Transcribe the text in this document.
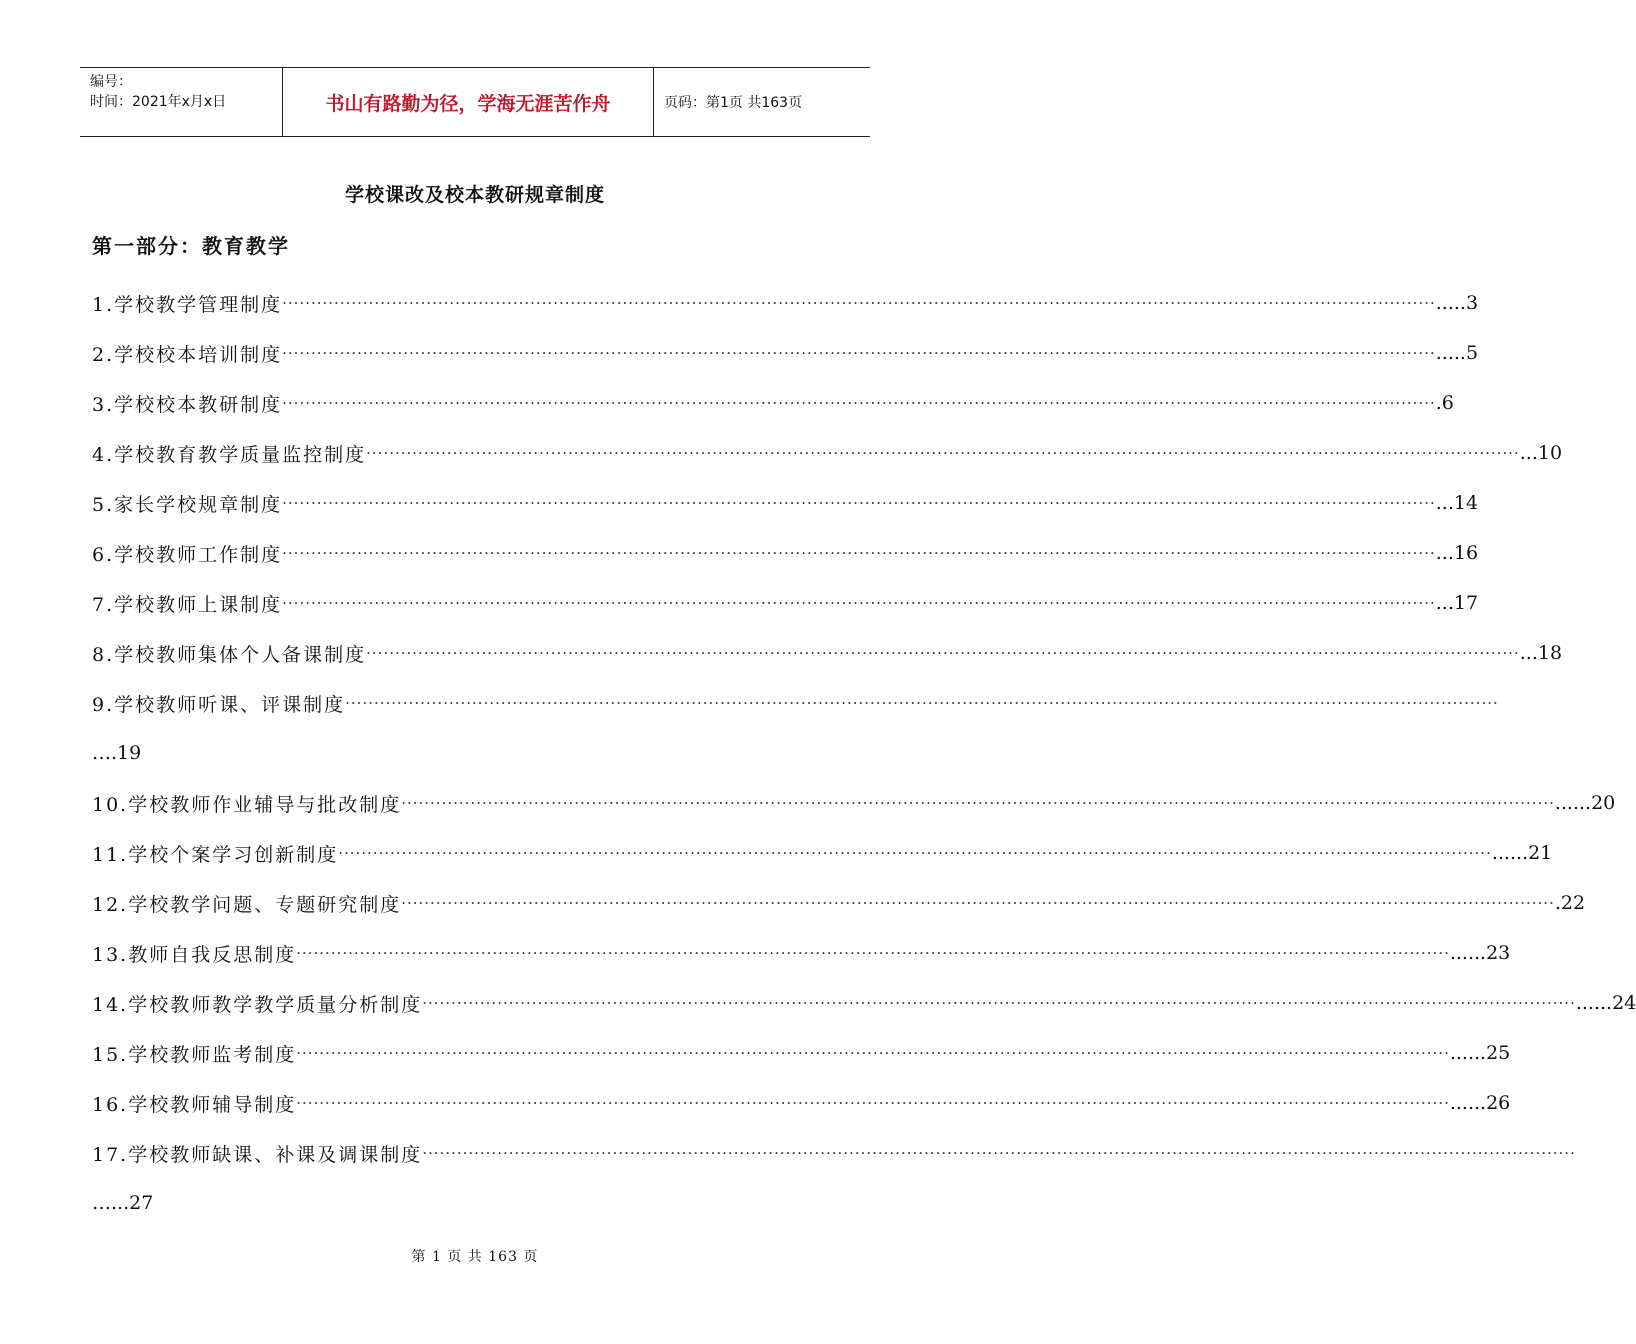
编号：
时间：2021年x月x日	书山有路勤为径，学海无涯苦作舟	页码：第1页 共163页
学校课改及校本教研规章制度
第一部分：教育教学
1.学校教学管理制度 ········································································································································································································ .....3
2.学校校本培训制度 ········································································································································································································ .....5
3.学校校本教研制度 ········································································································································································································ .6
4.学校教育教学质量监控制度 ········································································································································································································ ...10
5.家长学校规章制度 ········································································································································································································ ...14
6.学校教师工作制度 ········································································································································································································ ...16
7.学校教师上课制度 ········································································································································································································ ...17
8.学校教师集体个人备课制度 ········································································································································································································ ...18
9.学校教师听课、评课制度 ········································································································································································································
….19
10.学校教师作业辅导与批改制度 ········································································································································································································ ......20
11.学校个案学习创新制度 ········································································································································································································ ......21
12.学校教学问题、专题研究制度 ········································································································································································································ .22
13.教师自我反思制度 ········································································································································································································ ......23
14.学校教师教学教学质量分析制度 ········································································································································································································ ......24
15.学校教师监考制度 ········································································································································································································ ......25
16.学校教师辅导制度 ········································································································································································································ ......26
17.学校教师缺课、补课及调课制度 ········································································································································································································
…...27
第 1 页 共 163 页
